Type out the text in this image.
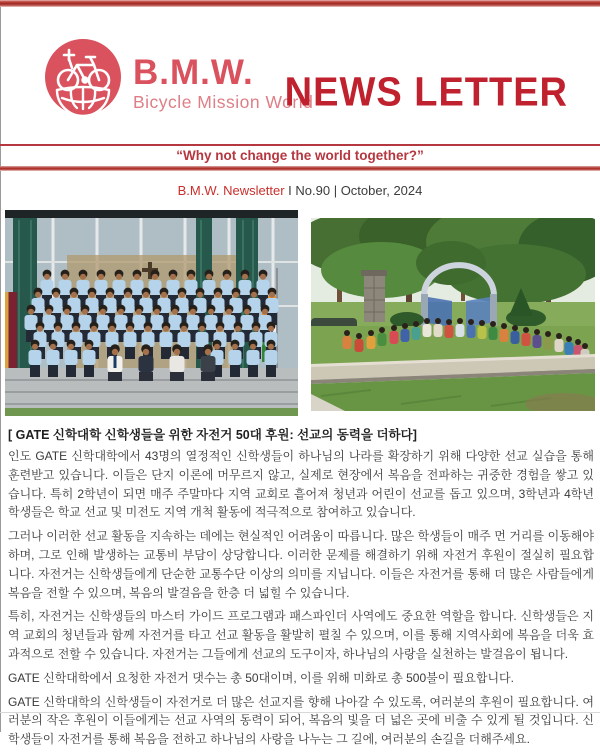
B.M.W.
Bicycle Mission World
NEWS LETTER
“Why not change the world together?”
B.M.W. Newsletter I No.90 | October, 2024
[ GATE 신학대학 신학생들을 위한 자전거 50대 후원: 선교의 동력을 더하다]

인도 GATE 신학대학에서 43명의 열정적인 신학생들이 하나님의 나라를 확장하기 위해 다양한 선교 실습을 통해 훈련받고 있습니다. 이들은 단지 이론에 머무르지 않고, 실제로 현장에서 복음을 전파하는 귀중한 경험을 쌓고 있습니다. 특히 2학년이 되면 매주 주말마다 지역 교회로 흩어져 청년과 어린이 선교를 돕고 있으며, 3학년과 4학년 학생들은 학교 선교 및 미전도 지역 개척 활동에 적극적으로 참여하고 있습니다.

그러나 이러한 선교 활동을 지속하는 데에는 현실적인 어려움이 따릅니다. 많은 학생들이 매주 먼 거리를 이동해야 하며, 그로 인해 발생하는 교통비 부담이 상당합니다. 이러한 문제를 해결하기 위해 자전거 후원이 절실히 필요합니다. 자전거는 신학생들에게 단순한 교통수단 이상의 의미를 지닙니다. 이들은 자전거를 통해 더 많은 사람들에게 복음을 전할 수 있으며, 복음의 발걸음을 한층 더 넓힐 수 있습니다.

특히, 자전거는 신학생들의 마스터 가이드 프로그램과 패스파인더 사역에도 중요한 역할을 합니다. 신학생들은 지역 교회의 청년들과 함께 자전거를 타고 선교 활동을 활발히 펼칠 수 있으며, 이를 통해 지역사회에 복음을 더욱 효과적으로 전할 수 있습니다. 자전거는 그들에게 선교의 도구이자, 하나님의 사랑을 실천하는 발걸음이 됩니다.

GATE 신학대학에서 요청한 자전거 댓수는 총 50대이며, 이를 위해 미화로 총 500불이 필요합니다.

GATE 신학대학의 신학생들이 자전거로 더 많은 선교지를 향해 나아갈 수 있도록, 여러분의 후원이 필요합니다. 여러분의 작은 후원이 이들에게는 선교 사역의 동력이 되어, 복음의 빛을 더 넓은 곳에 비출 수 있게 될 것입니다. 신학생들이 자전거를 통해 복음을 전하고 하나님의 사랑을 나누는 그 길에, 여러분의 손길을 더해주세요.
